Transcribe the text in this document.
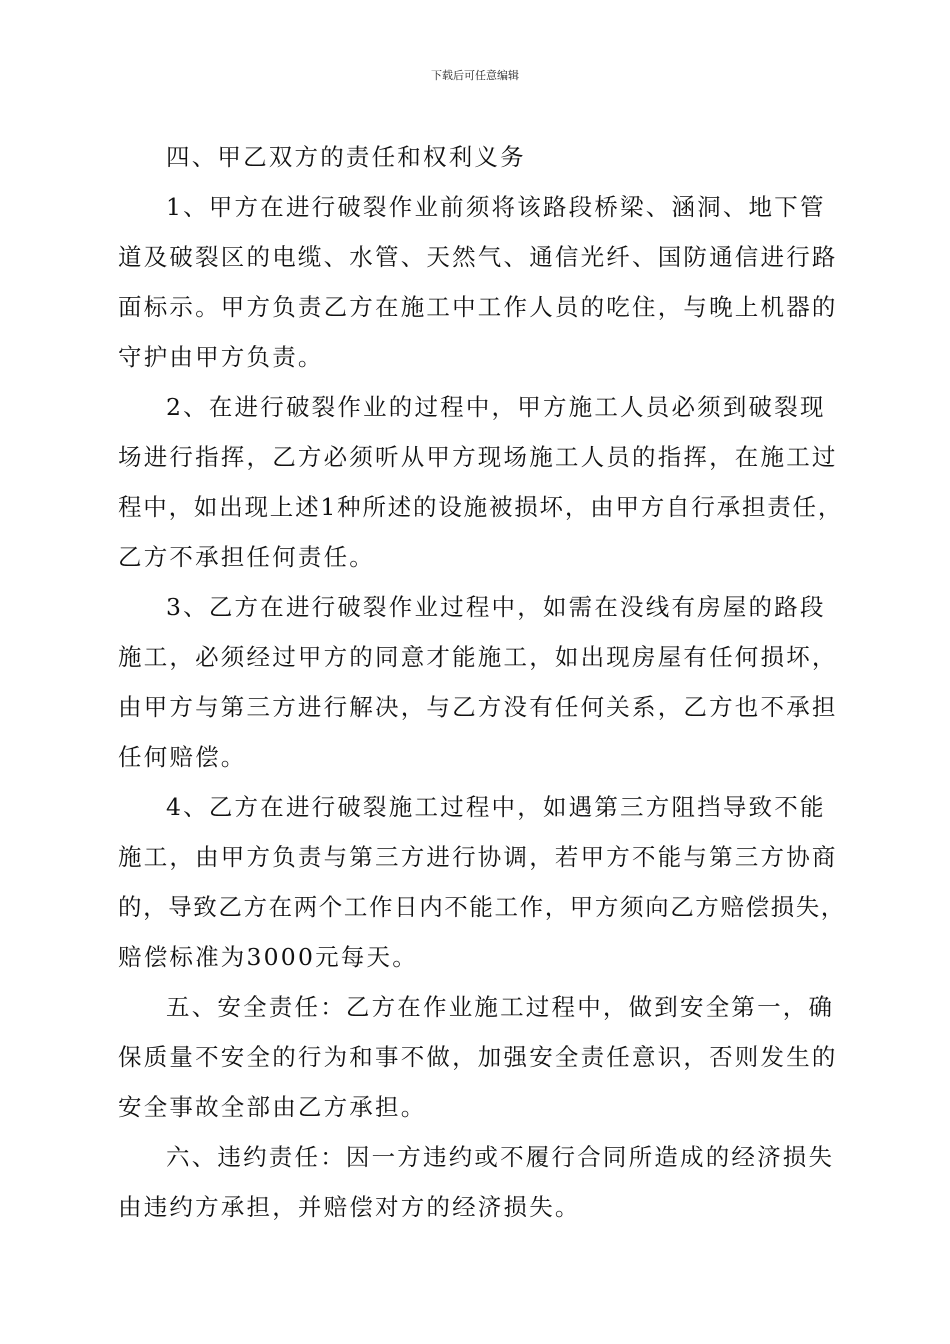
下载后可任意编辑
四、甲乙双方的责任和权利义务
1、甲方在进行破裂作业前须将该路段桥梁、涵洞、地下管
道及破裂区的电缆、水管、天然气、通信光纤、国防通信进行路
面标示。甲方负责乙方在施工中工作人员的吃住，与晚上机器的
守护由甲方负责。
2、在进行破裂作业的过程中，甲方施工人员必须到破裂现
场进行指挥，乙方必须听从甲方现场施工人员的指挥，在施工过
程中，如出现上述1种所述的设施被损坏，由甲方自行承担责任，
乙方不承担任何责任。
3、乙方在进行破裂作业过程中，如需在没线有房屋的路段
施工，必须经过甲方的同意才能施工，如出现房屋有任何损坏，
由甲方与第三方进行解决，与乙方没有任何关系，乙方也不承担
任何赔偿。
4、乙方在进行破裂施工过程中，如遇第三方阻挡导致不能
施工，由甲方负责与第三方进行协调，若甲方不能与第三方协商
的，导致乙方在两个工作日内不能工作，甲方须向乙方赔偿损失，
赔偿标准为3000元每天。
五、安全责任：乙方在作业施工过程中，做到安全第一，确
保质量不安全的行为和事不做，加强安全责任意识，否则发生的
安全事故全部由乙方承担。
六、违约责任：因一方违约或不履行合同所造成的经济损失
由违约方承担，并赔偿对方的经济损失。
